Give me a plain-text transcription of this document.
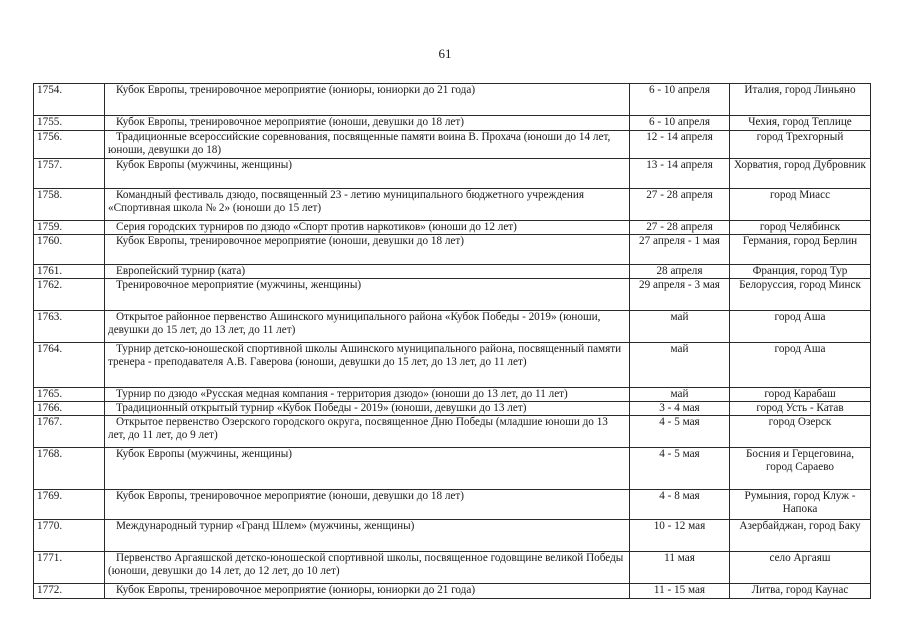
61
1754.	Кубок Европы, тренировочное мероприятие (юниоры, юниорки до 21 года)	6 - 10 апреля	Италия, город Линьяно
1755.	Кубок Европы, тренировочное мероприятие (юноши, девушки до 18 лет)	6 - 10 апреля	Чехия, город Теплице
1756.	Традиционные всероссийские соревнования, посвященные памяти воина В. Прохача (юноши до 14 лет, юноши, девушки до 18)	12 - 14 апреля	город Трехгорный
1757.	Кубок Европы (мужчины, женщины)	13 - 14 апреля	Хорватия, город Дубровник
1758.	Командный фестиваль дзюдо, посвященный 23 - летию муниципального бюджетного учреждения «Спортивная школа № 2» (юноши до 15 лет)	27 - 28 апреля	город Миасс
1759.	Серия городских турниров по дзюдо «Спорт против наркотиков» (юноши до 12 лет)	27 - 28 апреля	город Челябинск
1760.	Кубок Европы, тренировочное мероприятие (юноши, девушки до 18 лет)	27 апреля - 1 мая	Германия, город Берлин
1761.	Европейский турнир (ката)	28 апреля	Франция, город Тур
1762.	Тренировочное мероприятие (мужчины, женщины)	29 апреля - 3 мая	Белоруссия, город Минск
1763.	Открытое районное первенство Ашинского муниципального района «Кубок Победы - 2019» (юноши, девушки до 15 лет, до 13 лет, до 11 лет)	май	город Аша
1764.	Турнир детско-юношеской спортивной школы Ашинского муниципального района, посвященный памяти тренера - преподавателя А.В. Гаверова (юноши, девушки до 15 лет, до 13 лет, до 11 лет)	май	город Аша
1765.	Турнир по дзюдо «Русская медная компания - территория дзюдо» (юноши до 13 лет, до 11 лет)	май	город Карабаш
1766.	Традиционный открытый турнир «Кубок Победы - 2019» (юноши, девушки до 13 лет)	3 - 4 мая	город Усть - Катав
1767.	Открытое первенство Озерского городского округа, посвященное Дню Победы (младшие юноши до 13 лет, до 11 лет, до 9 лет)	4 - 5 мая	город Озерск
1768.	Кубок Европы (мужчины, женщины)	4 - 5 мая	Босния и Герцеговина, город Сараево
1769.	Кубок Европы, тренировочное мероприятие (юноши, девушки до 18 лет)	4 - 8 мая	Румыния, город Клуж - Напока
1770.	Международный турнир «Гранд Шлем» (мужчины, женщины)	10 - 12 мая	Азербайджан, город Баку
1771.	Первенство Аргаяшской детско-юношеской спортивной школы, посвященное годовщине великой Победы (юноши, девушки до 14 лет, до 12 лет, до 10 лет)	11 мая	село Аргаяш
1772.	Кубок Европы, тренировочное мероприятие (юниоры, юниорки до 21 года)	11 - 15 мая	Литва, город Каунас
